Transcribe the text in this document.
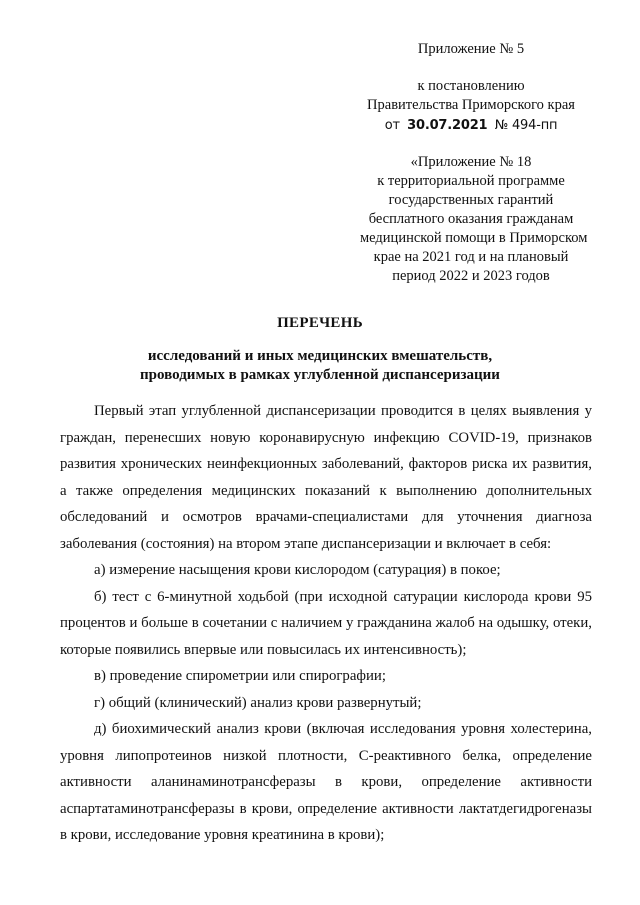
Приложение № 5
к постановлению
Правительства Приморского края
от 30.07.2021 № 494-пп
«Приложение № 18
к территориальной программе
государственных гарантий
бесплатного оказания гражданам
медицинской помощи в Приморском
крае на 2021 год и на плановый
период 2022 и 2023 годов
ПЕРЕЧЕНЬ
исследований и иных медицинских вмешательств,
проводимых в рамках углубленной диспансеризации

Первый этап углубленной диспансеризации проводится в целях выявления у граждан, перенесших новую коронавирусную инфекцию COVID-19, признаков развития хронических неинфекционных заболеваний, факторов риска их развития, а также определения медицинских показаний к выполнению дополнительных обследований и осмотров врачами-специалистами для уточнения диагноза заболевания (состояния) на втором этапе диспансеризации и включает в себя:

а) измерение насыщения крови кислородом (сатурация) в покое;

б) тест с 6-минутной ходьбой (при исходной сатурации кислорода крови 95 процентов и больше в сочетании с наличием у гражданина жалоб на одышку, отеки, которые появились впервые или повысилась их интенсивность);

в) проведение спирометрии или спирографии;

г) общий (клинический) анализ крови развернутый;

д) биохимический анализ крови (включая исследования уровня холестерина, уровня липопротеинов низкой плотности, С-реактивного белка, определение активности аланинаминотрансферазы в крови, определение активности аспартатаминотрансферазы в крови, определение активности лактатдегидрогеназы в крови, исследование уровня креатинина в крови);
